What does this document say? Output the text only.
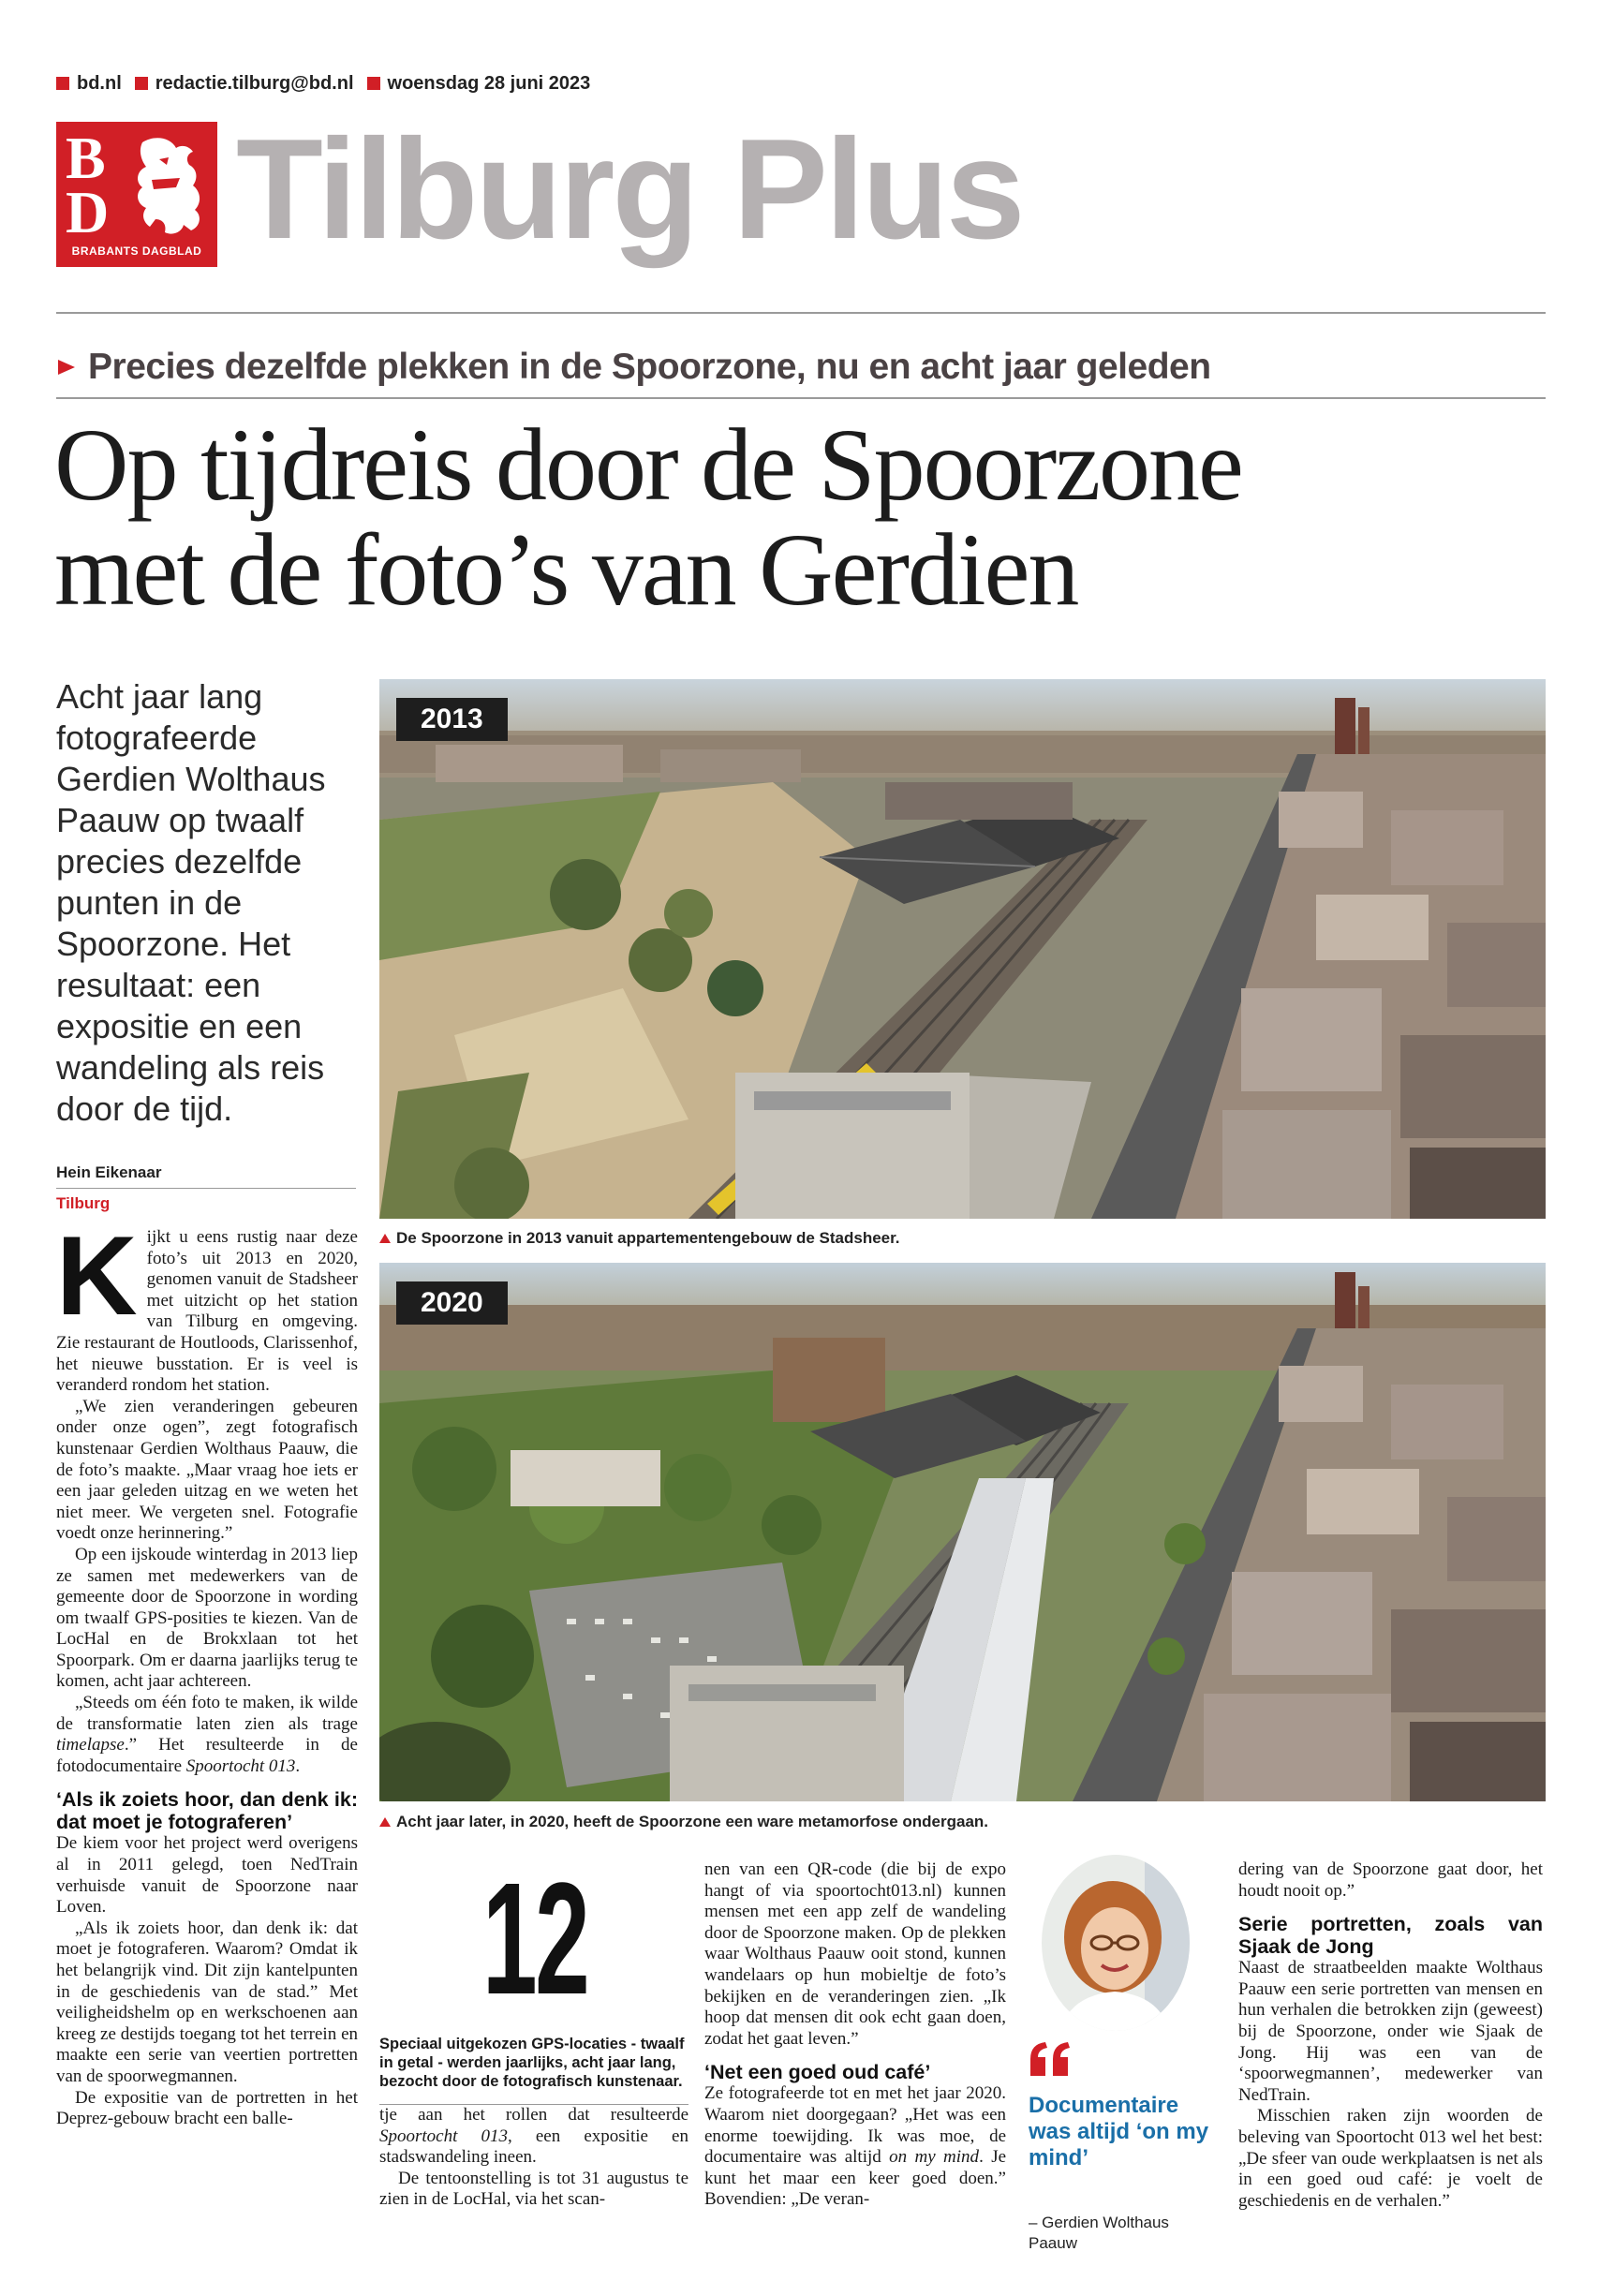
bd.nl redactie.tilburg@bd.nl woensdag 28 juni 2023
B
D
BRABANTS DAGBLAD Tilburg Plus
Precies dezelfde plekken in de Spoorzone, nu en acht jaar geleden
Op tijdreis door de Spoorzone
met de foto’s van Gerdien
Acht jaar lang fotografeerde Gerdien Wolthaus Paauw op twaalf precies dezelfde punten in de Spoorzone. Het resultaat: een expositie en een wandeling als reis door de tijd.
Hein Eikenaar
Tilburg

Kijkt u eens rustig naar deze foto’s uit 2013 en 2020, genomen vanuit de Stadsheer met uitzicht op het station van Tilburg en omgeving. Zie restaurant de Houtloods, Clarissenhof, het nieuwe busstation. Er is veel is veranderd rondom het station.

„We zien veranderingen gebeuren onder onze ogen”, zegt fotografisch kunstenaar Gerdien Wolthaus Paauw, die de foto’s maakte. „Maar vraag hoe iets er een jaar geleden uitzag en we weten het niet meer. We vergeten snel. Fotografie voedt onze herinnering.”

Op een ijskoude winterdag in 2013 liep ze samen met medewerkers van de gemeente door de Spoorzone in wording om twaalf GPS-posities te kiezen. Van de LocHal en de Brokxlaan tot het Spoorpark. Om er daarna jaarlijks terug te komen, acht jaar achtereen.

„Steeds om één foto te maken, ik wilde de transformatie laten zien als trage timelapse.” Het resulteerde in de fotodocumentaire Spoortocht 013.

‘Als ik zoiets hoor, dan denk ik: dat moet je fotograferen’

De kiem voor het project werd overigens al in 2011 gelegd, toen NedTrain verhuisde vanuit de Spoorzone naar Loven.

„Als ik zoiets hoor, dan denk ik: dat moet je fotograferen. Waarom? Omdat ik het belangrijk vind. Dit zijn kantelpunten in de geschiedenis van de stad.” Met veiligheidshelm op en werkschoenen aan kreeg ze destijds toegang tot het terrein en maakte een serie van veertien portretten van de spoorwegmannen.

De expositie van de portretten in het Deprez-gebouw bracht een balle-

2013
De Spoorzone in 2013 vanuit appartementengebouw de Stadsheer.
2020
Acht jaar later, in 2020, heeft de Spoorzone een ware metamorfose ondergaan.
12
Speciaal uitgekozen GPS-locaties - twaalf in getal - werden jaarlijks, acht jaar lang, bezocht door de fotografisch kunstenaar.

tje aan het rollen dat resulteerde Spoortocht 013, een expositie en stadswandeling ineen.

De tentoonstelling is tot 31 augustus te zien in de LocHal, via het scan-

nen van een QR-code (die bij de expo hangt of via spoortocht013.nl) kunnen mensen met een app zelf de wandeling door de Spoorzone maken. Op de plekken waar Wolthaus Paauw ooit stond, kunnen wandelaars op hun mobieltje de foto’s bekijken en de veranderingen zien. „Ik hoop dat mensen dit ook echt gaan doen, zodat het gaat leven.”

‘Net een goed oud café’

Ze fotografeerde tot en met het jaar 2020. Waarom niet doorgegaan? „Het was een enorme toewijding. Ik was moe, de documentaire was altijd on my mind. Je kunt het maar een keer goed doen.” Bovendien: „De veran-

Documentaire was altijd ‘on my mind’
– Gerdien Wolthaus Paauw

dering van de Spoorzone gaat door, het houdt nooit op.”

Serie portretten, zoals van Sjaak de Jong

Naast de straatbeelden maakte Wolthaus Paauw een serie portretten van mensen en hun verhalen die betrokken zijn (geweest) bij de Spoorzone, onder wie Sjaak de Jong. Hij was een van de ‘spoorwegmannen’, medewerker van NedTrain.

Misschien raken zijn woorden de beleving van Spoortocht 013 wel het best: „De sfeer van oude werkplaatsen is net als in een goed oud café: je voelt de geschiedenis en de verhalen.”
